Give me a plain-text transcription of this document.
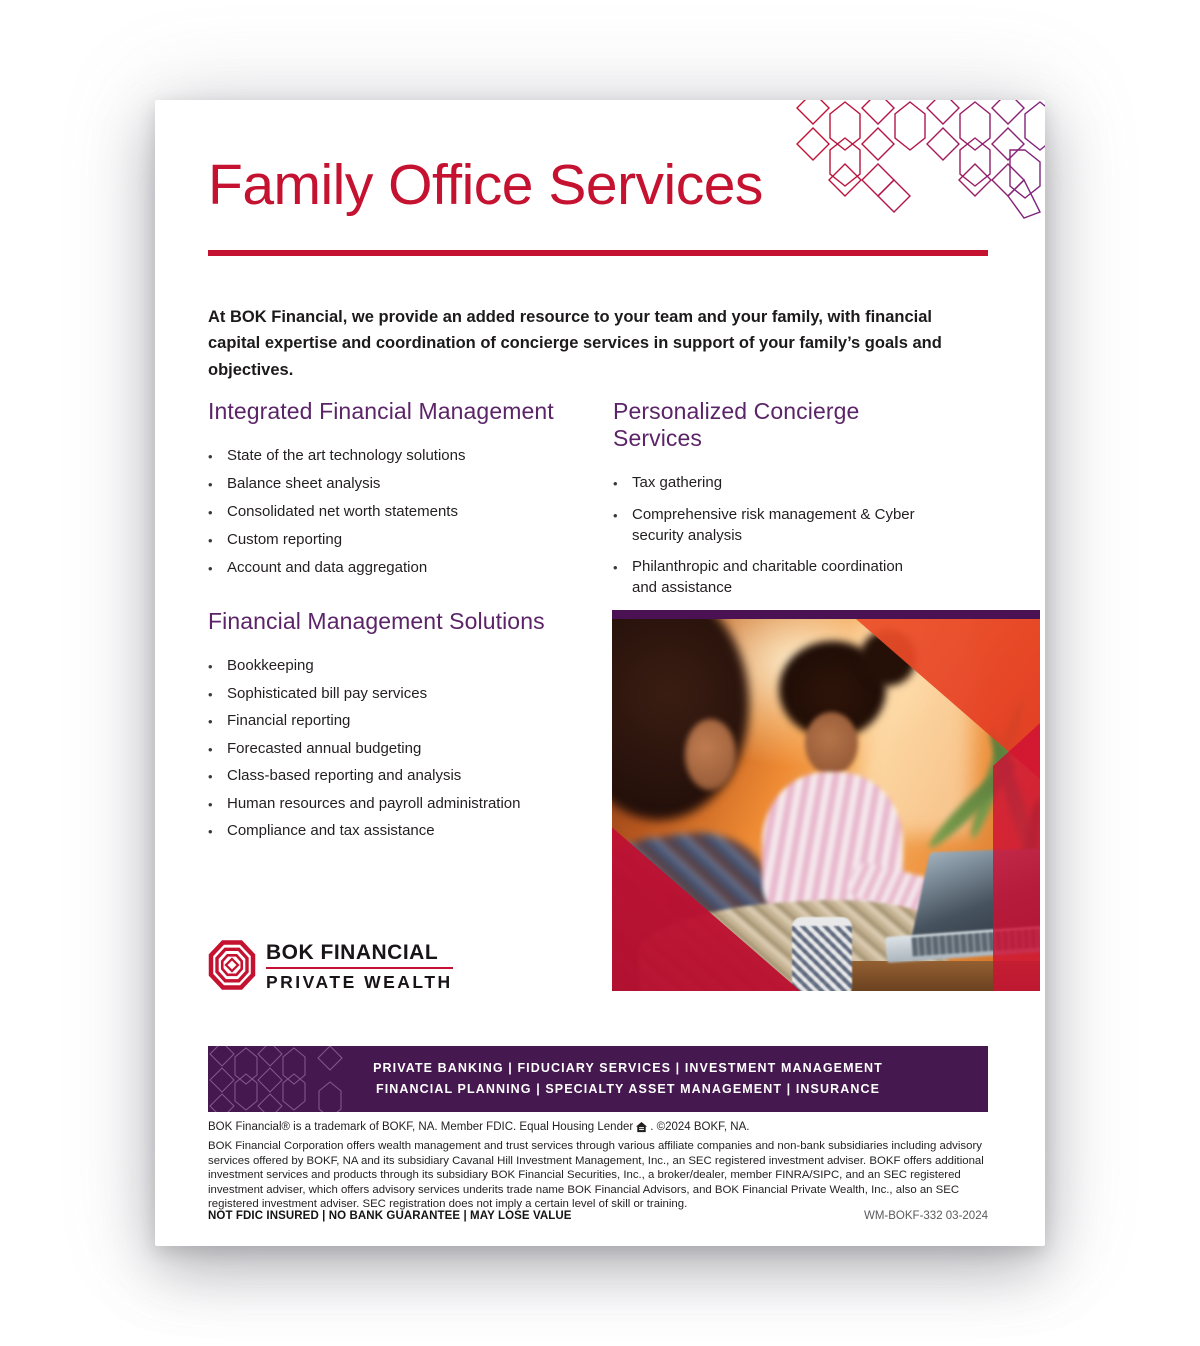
Family Office Services
At BOK Financial, we provide an added resource to your team and your family, with financial capital expertise and coordination of concierge services in support of your family’s goals and objectives.
Integrated Financial Management
• State of the art technology solutions
• Balance sheet analysis
• Consolidated net worth statements
• Custom reporting
• Account and data aggregation
Personalized Concierge Services
• Tax gathering
• Comprehensive risk management & Cyber security analysis
• Philanthropic and charitable coordination and assistance
Financial Management Solutions
• Bookkeeping
• Sophisticated bill pay services
• Financial reporting
• Forecasted annual budgeting
• Class-based reporting and analysis
• Human resources and payroll administration
• Compliance and tax assistance
BOK FINANCIAL
PRIVATE WEALTH
PRIVATE BANKING | FIDUCIARY SERVICES | INVESTMENT MANAGEMENT
FINANCIAL PLANNING | SPECIALTY ASSET MANAGEMENT | INSURANCE
BOK Financial® is a trademark of BOKF, NA. Member FDIC. Equal Housing Lender . ©2024 BOKF, NA.
BOK Financial Corporation offers wealth management and trust services through various affiliate companies and non-bank subsidiaries including advisory services offered by BOKF, NA and its subsidiary Cavanal Hill Investment Management, Inc., an SEC registered investment adviser. BOKF offers additional investment services and products through its subsidiary BOK Financial Securities, Inc., a broker/dealer, member FINRA/SIPC, and an SEC registered investment adviser, which offers advisory services underits trade name BOK Financial Advisors, and BOK Financial Private Wealth, Inc., also an SEC registered investment adviser. SEC registration does not imply a certain level of skill or training.
NOT FDIC INSURED | NO BANK GUARANTEE | MAY LOSE VALUE	WM-BOKF-332 03-2024
